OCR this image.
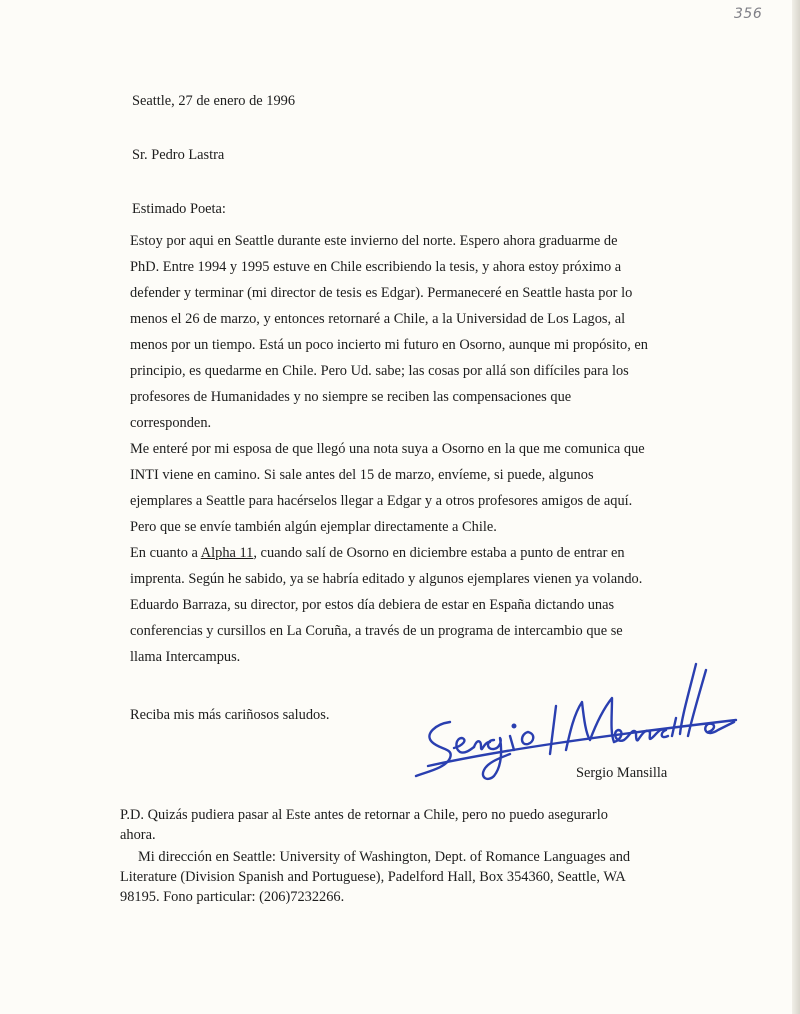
356
Seattle, 27 de enero de 1996
Sr. Pedro Lastra
Estimado Poeta:
Estoy por aqui en Seattle durante este invierno del norte. Espero ahora graduarme de
PhD. Entre 1994 y 1995 estuve en Chile escribiendo la tesis, y ahora estoy próximo a
defender y terminar (mi director de tesis es Edgar). Permaneceré en Seattle hasta por lo
menos el 26 de marzo, y entonces retornaré a Chile, a la Universidad de Los Lagos, al
menos por un tiempo. Está un poco incierto mi futuro en Osorno, aunque mi propósito, en
principio, es quedarme en Chile. Pero Ud. sabe; las cosas por allá son difíciles para los
profesores de Humanidades y no siempre se reciben las compensaciones que
corresponden.
Me enteré por mi esposa de que llegó una nota suya a Osorno en la que me comunica que
INTI viene en camino. Si sale antes del 15 de marzo, envíeme, si puede, algunos
ejemplares a Seattle para hacérselos llegar a Edgar y a otros profesores amigos de aquí.
Pero que se envíe también algún ejemplar directamente a Chile.
En cuanto a Alpha 11, cuando salí de Osorno en diciembre estaba a punto de entrar en
imprenta. Según he sabido, ya se habría editado y algunos ejemplares vienen ya volando.
Eduardo Barraza, su director, por estos día debiera de estar en España dictando unas
conferencias y cursillos en La Coruña, a través de un programa de intercambio que se
llama Intercampus.
Reciba mis más cariñosos saludos.
Sergio Mansilla
P.D. Quizás pudiera pasar al Este antes de retornar a Chile, pero no puedo asegurarlo
ahora.
Mi dirección en Seattle: University of Washington, Dept. of Romance Languages and
Literature (Division Spanish and Portuguese), Padelford Hall, Box 354360, Seattle, WA
98195. Fono particular: (206)7232266.
